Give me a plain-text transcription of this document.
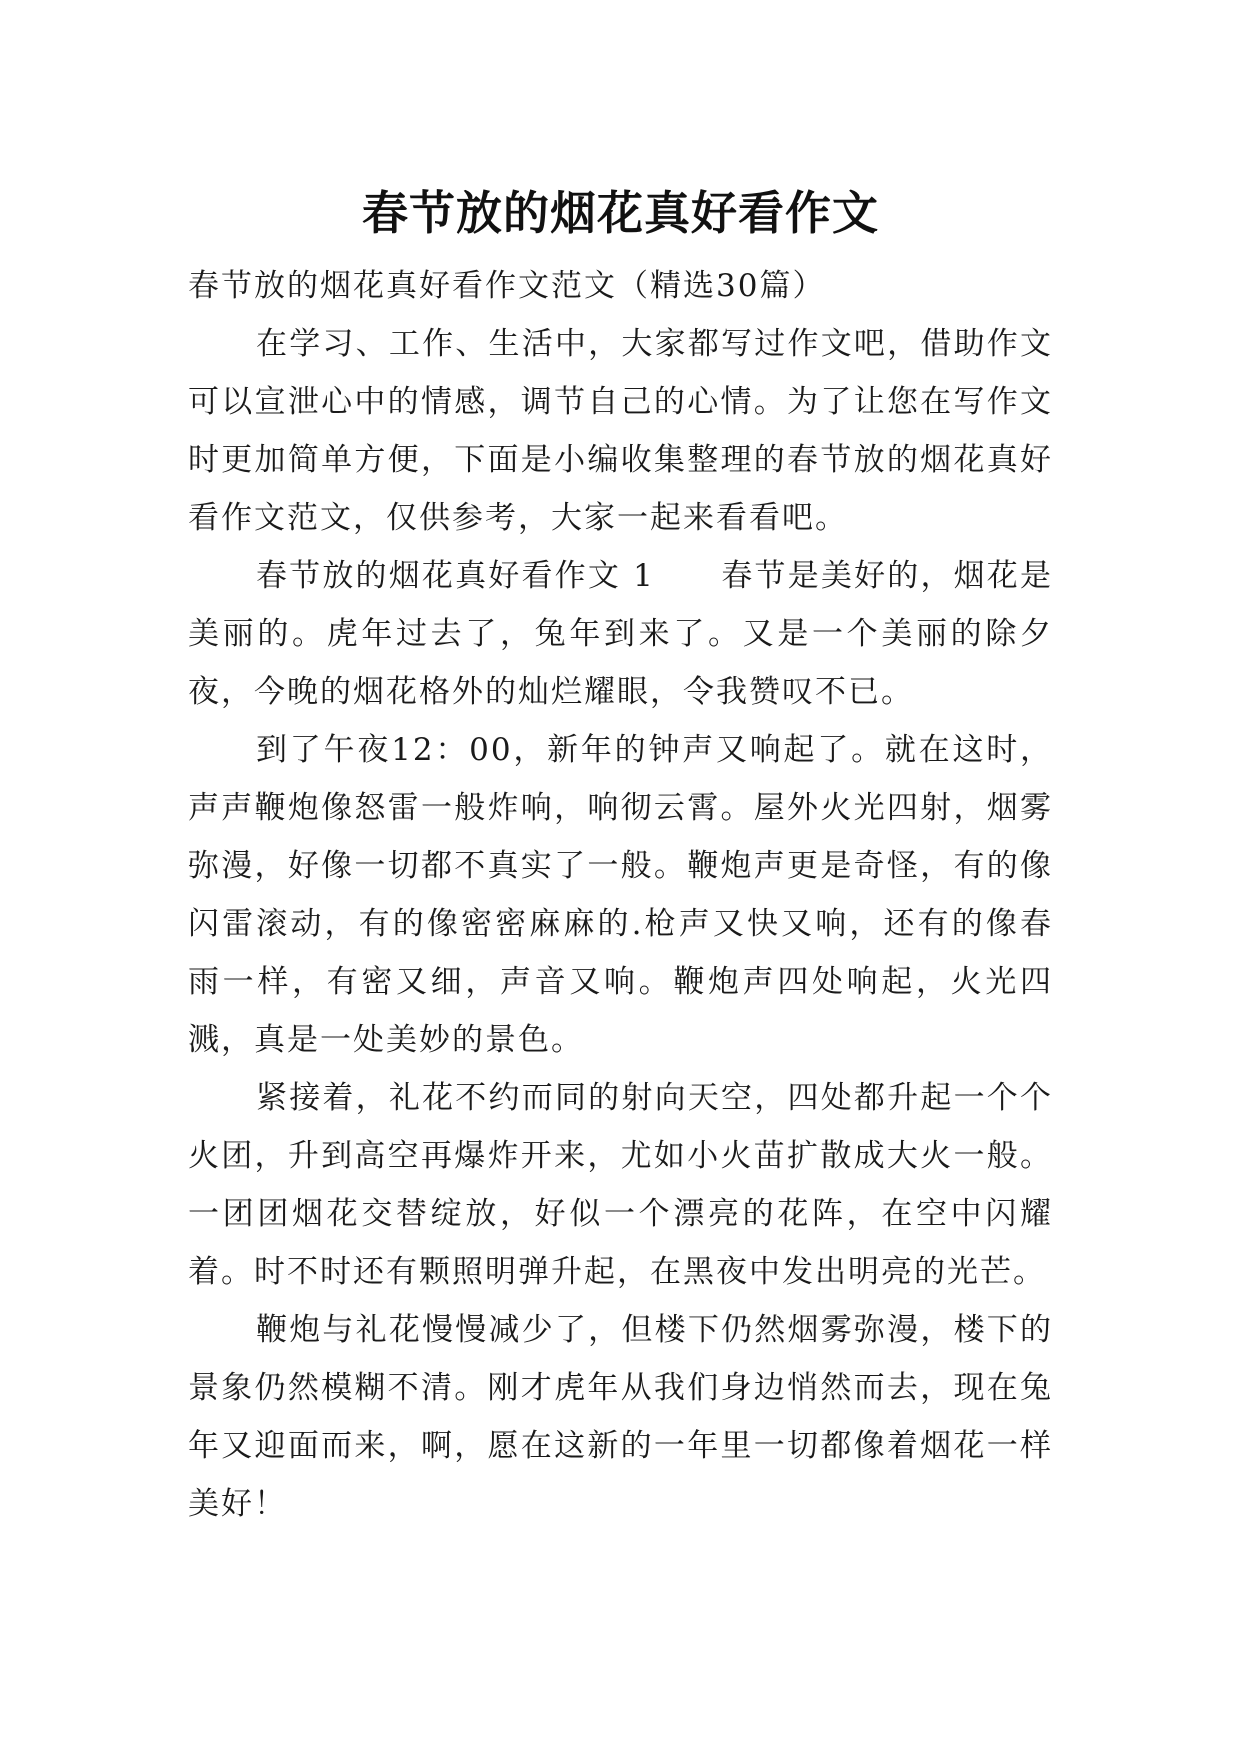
春节放的烟花真好看作文

春节放的烟花真好看作文范文（精选30篇）

在学习、工作、生活中，大家都写过作文吧，借助作文可以宣泄心中的情感，调节自己的心情。为了让您在写作文时更加简单方便，下面是小编收集整理的春节放的烟花真好看作文范文，仅供参考，大家一起来看看吧。

春节放的烟花真好看作文 1　　春节是美好的，烟花是美丽的。虎年过去了，兔年到来了。又是一个美丽的除夕夜，今晚的烟花格外的灿烂耀眼，令我赞叹不已。

到了午夜12：00，新年的钟声又响起了。就在这时，声声鞭炮像怒雷一般炸响，响彻云霄。屋外火光四射，烟雾弥漫，好像一切都不真实了一般。鞭炮声更是奇怪，有的像闪雷滚动，有的像密密麻麻的.枪声又快又响，还有的像春雨一样，有密又细，声音又响。鞭炮声四处响起，火光四溅，真是一处美妙的景色。

紧接着，礼花不约而同的射向天空，四处都升起一个个火团，升到高空再爆炸开来，尤如小火苗扩散成大火一般。一团团烟花交替绽放，好似一个漂亮的花阵，在空中闪耀着。时不时还有颗照明弹升起，在黑夜中发出明亮的光芒。

鞭炮与礼花慢慢减少了，但楼下仍然烟雾弥漫，楼下的景象仍然模糊不清。刚才虎年从我们身边悄然而去，现在兔年又迎面而来，啊，愿在这新的一年里一切都像着烟花一样美好！
